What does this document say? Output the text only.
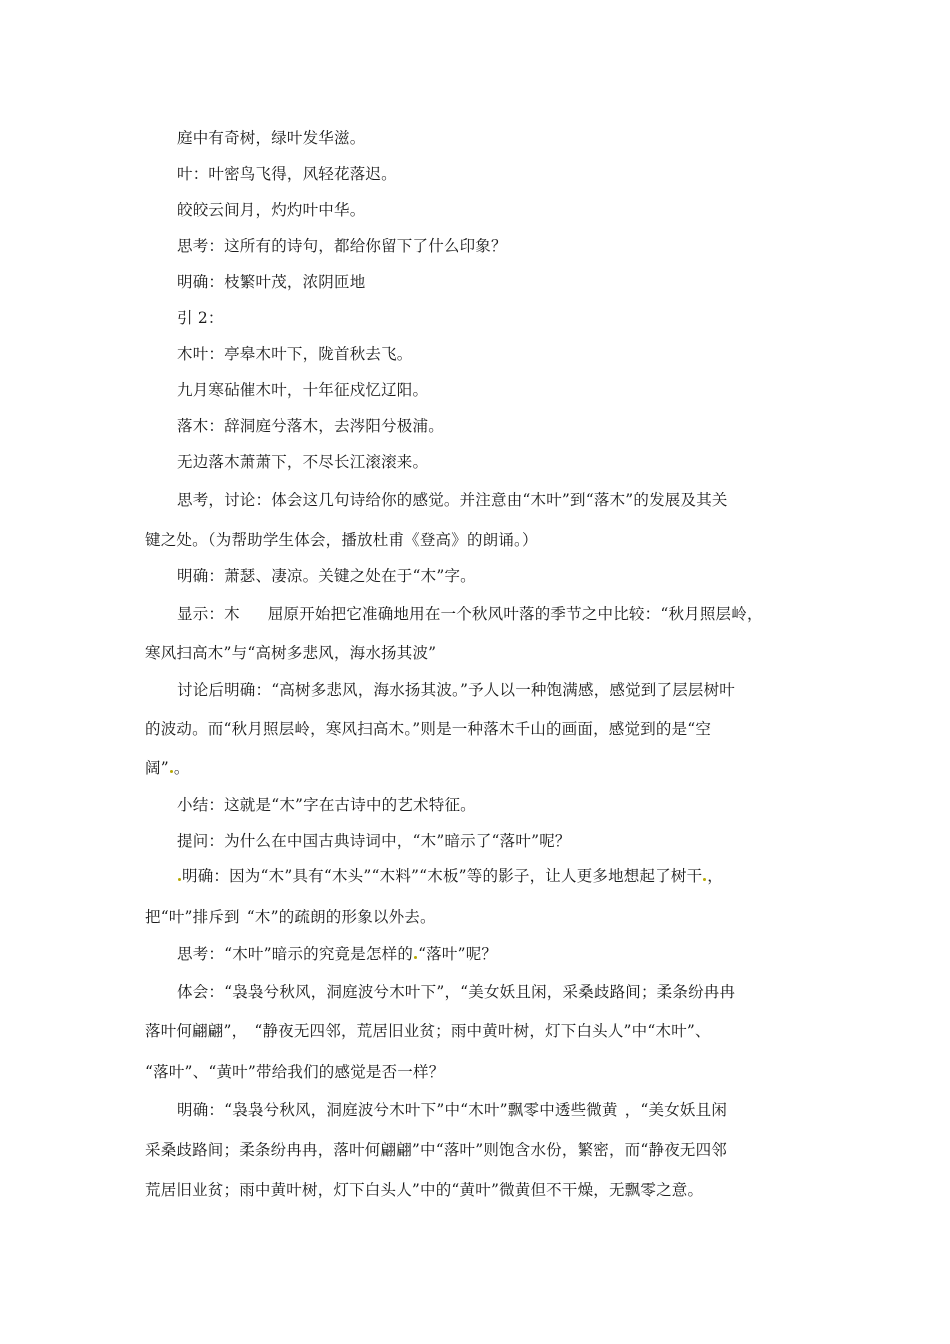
庭中有奇树，绿叶发华滋。
叶：叶密鸟飞得，风轻花落迟。
皎皎云间月，灼灼叶中华。
思考：这所有的诗句，都给你留下了什么印象？
明确：枝繁叶茂，浓阴匝地
引 2：
木叶：亭皋木叶下，陇首秋去飞。
九月寒砧催木叶，十年征戍忆辽阳。
落木：辞洞庭兮落木，去涔阳兮极浦。
无边落木萧萧下，不尽长江滚滚来。
思考，讨论：体会这几句诗给你的感觉。并注意由“木叶”到“落木”的发展及其关
键之处。（为帮助学生体会，播放杜甫《登高》的朗诵。）
明确：萧瑟、凄凉。关键之处在于“木”字。
显示：木 屈原开始把它准确地用在一个秋风叶落的季节之中比较：“秋月照层岭，
寒风扫高木”与“高树多悲风，海水扬其波”
讨论后明确：“高树多悲风，海水扬其波。”予人以一种饱满感，感觉到了层层树叶
的波动。而“秋月照层岭，寒风扫高木。”则是一种落木千山的画面，感觉到的是“空
阔” 。
小结：这就是“木”字在古诗中的艺术特征。
提问：为什么在中国古典诗词中，“木”暗示了“落叶”呢？
明确：因为“木”具有“木头”“木料”“木板”等的影子，让人更多地想起了树干 ，
把“叶”排斥到 “木”的疏朗的形象以外去。
思考：“木叶”暗示的究竟是怎样的 “落叶”呢？
体会：“袅袅兮秋风，洞庭波兮木叶下”，“美女妖且闲，采桑歧路间；柔条纷冉冉
落叶何翩翩”， “静夜无四邻，荒居旧业贫；雨中黄叶树，灯下白头人”中“木叶”、
“落叶”、“黄叶”带给我们的感觉是否一样？
明确：“袅袅兮秋风，洞庭波兮木叶下”中“木叶”飘零中透些微黄 ，“美女妖且闲
采桑歧路间；柔条纷冉冉，落叶何翩翩”中“落叶”则饱含水份，繁密，而“静夜无四邻
荒居旧业贫；雨中黄叶树，灯下白头人”中的“黄叶”微黄但不干燥，无飘零之意。
